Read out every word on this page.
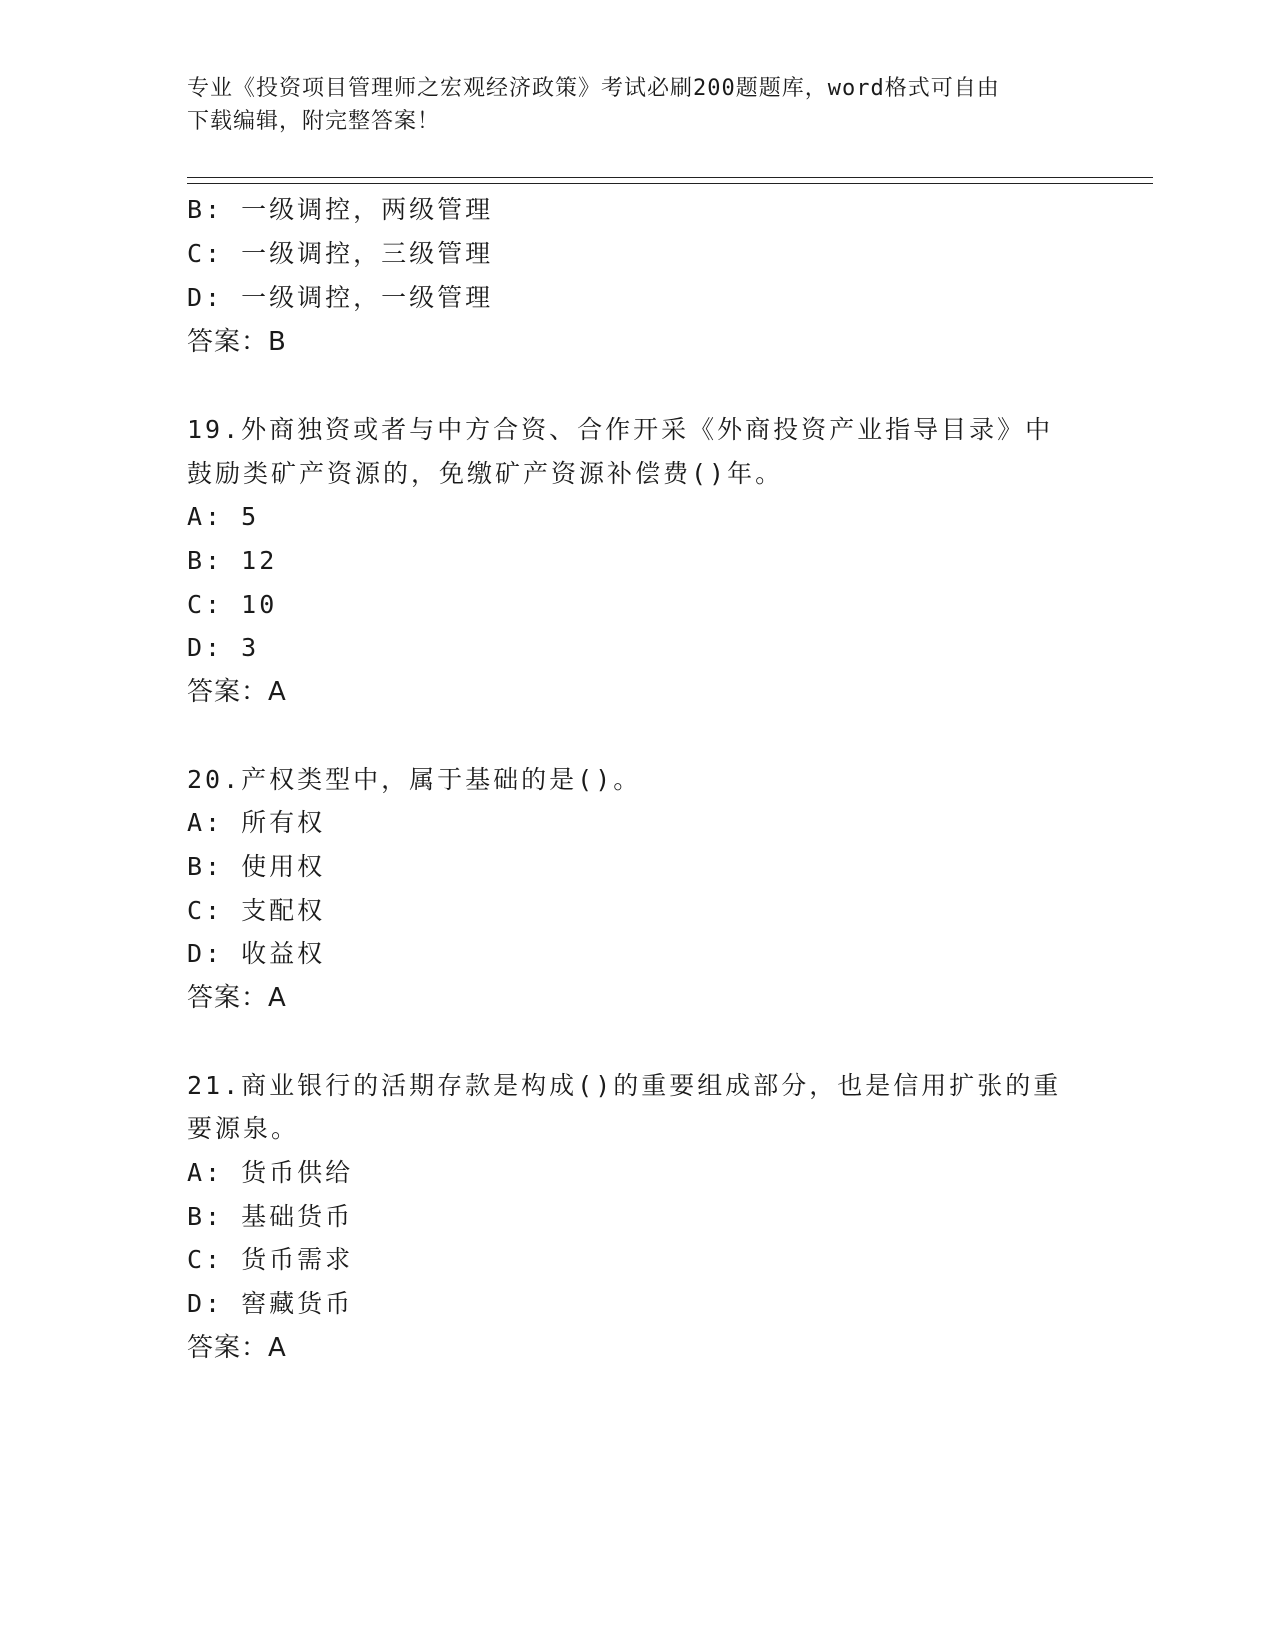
专业《投资项目管理师之宏观经济政策》考试必刷200题题库，word格式可自由
下载编辑，附完整答案！
B: 一级调控，两级管理
C: 一级调控，三级管理
D: 一级调控，一级管理
答案：B
19.外商独资或者与中方合资、合作开采《外商投资产业指导目录》中
鼓励类矿产资源的，免缴矿产资源补偿费()年。
A: 5
B: 12
C: 10
D: 3
答案：A
20.产权类型中，属于基础的是()。
A: 所有权
B: 使用权
C: 支配权
D: 收益权
答案：A
21.商业银行的活期存款是构成()的重要组成部分，也是信用扩张的重
要源泉。
A: 货币供给
B: 基础货币
C: 货币需求
D: 窖藏货币
答案：A
